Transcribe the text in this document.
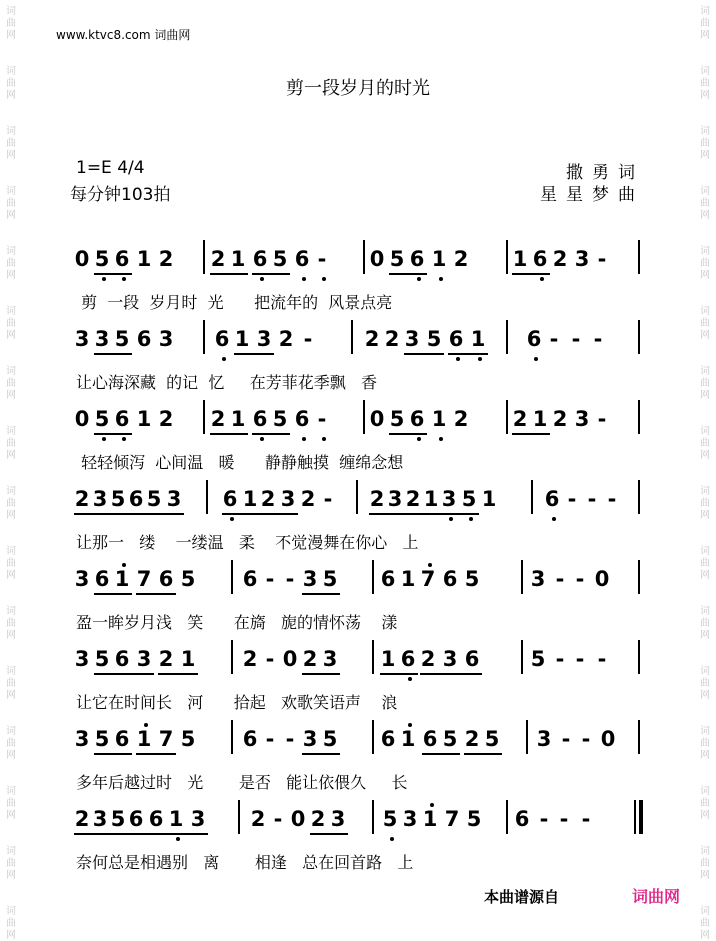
词
曲
网
词
曲
网
词
曲
网
词
曲
网
词
曲
网
词
曲
网
词
曲
网
词
曲
网
词
曲
网
词
曲
网
词
曲
网
词
曲
网
词
曲
网
词
曲
网
词
曲
网
词
曲
网
词
曲
网
词
曲
网
词
曲
网
词
曲
网
词
曲
网
词
曲
网
词
曲
网
词
曲
网
词
曲
网
词
曲
网
词
曲
网
词
曲
网
词
曲
网
词
曲
网
词
曲
网
词
曲
网
www.ktvc8.com 词曲网
剪一段岁月的时光
1=E 4/4
每分钟103拍
撒勇词
星星梦曲
0 5 6 1 2 2 1 6 5 6 - 0 5 6 1 2 1 6 2 3 -
剪  一段  岁月时  光      把流年的  风景点亮
3 3 5 6 3 6 1 3 2 - 2 2 3 5 6 1 6 - - -
让心海深藏  的记  忆     在芳菲花季飘   香
0 5 6 1 2 2 1 6 5 6 - 0 5 6 1 2 2 1 2 3 -
轻轻倾泻  心间温   暖      静静触摸  缠绵念想
2 3 5 6 5 3 6 1 2 3 2 - 2 3 2 1 3 5 1 6 - - -
让那一   缕    一缕温   柔    不觉漫舞在你心   上
3 6 1 7 6 5 6 - - 3 5 6 1 7 6 5 3 - - 0
盈一眸岁月浅   笑      在旖   旎的情怀荡    漾
3 5 6 3 2 1 2 - 0 2 3 1 6 2 3 6 5 - - -
让它在时间长   河      拾起   欢歌笑语声    浪
3 5 6 1 7 5 6 - - 3 5 6 1 6 5 2 5 3 - - 0
多年后越过时   光       是否   能让依偎久     长
2 3 5 6 6 1 3 2 - 0 2 3 5 3 1 7 5 6 - - -
奈何总是相遇别   离       相逢   总在回首路   上
本曲谱源自	词曲网
